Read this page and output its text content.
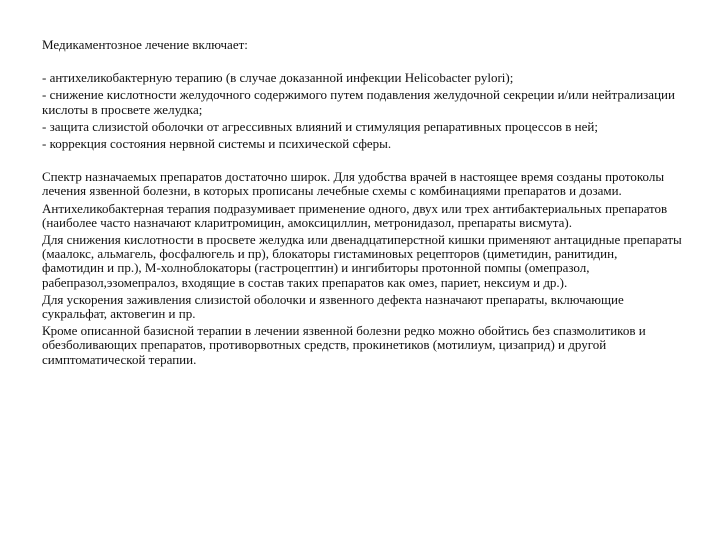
Медикаментозное лечение включает:
- антихеликобактерную терапию (в случае доказанной инфекции Helicobacter pylori);
- снижение кислотности желудочного содержимого путем подавления желудочной секреции и/или нейтрализации кислоты в просвете желудка;
- защита слизистой оболочки от агрессивных влияний и стимуляция репаративных процессов в ней;
- коррекция состояния нервной системы и психической сферы.

Спектр назначаемых препаратов достаточно широк. Для удобства врачей в настоящее время созданы протоколы лечения язвенной болезни, в которых прописаны лечебные схемы с комбинациями препаратов и дозами.

Антихеликобактерная терапия подразумивает применение одного, двух или трех антибактериальных препаратов (наиболее часто назначают кларитромицин, амоксициллин, метронидазол, препараты висмута).

Для снижения кислотности в просвете желудка или двенадцатиперстной кишки применяют антацидные препараты (маалокс, альмагель, фосфалюгель и пр), блокаторы гистаминовых рецепторов (циметидин, ранитидин, фамотидин и пр.), М-холноблокаторы (гастроцептин) и ингибиторы протонной помпы (омепразол, рабепразол,эзомепралоз, входящие в состав таких препаратов как омез, париет, нексиум и др.).

Для ускорения заживления слизистой оболочки и язвенного дефекта назначают препараты, включающие сукральфат, актовегин и пр.

Кроме описанной базисной терапии в лечении язвенной болезни редко можно обойтись без спазмолитиков и обезболивающих препаратов, противорвотных средств, прокинетиков (мотилиум, цизаприд) и другой симптоматической терапии.
